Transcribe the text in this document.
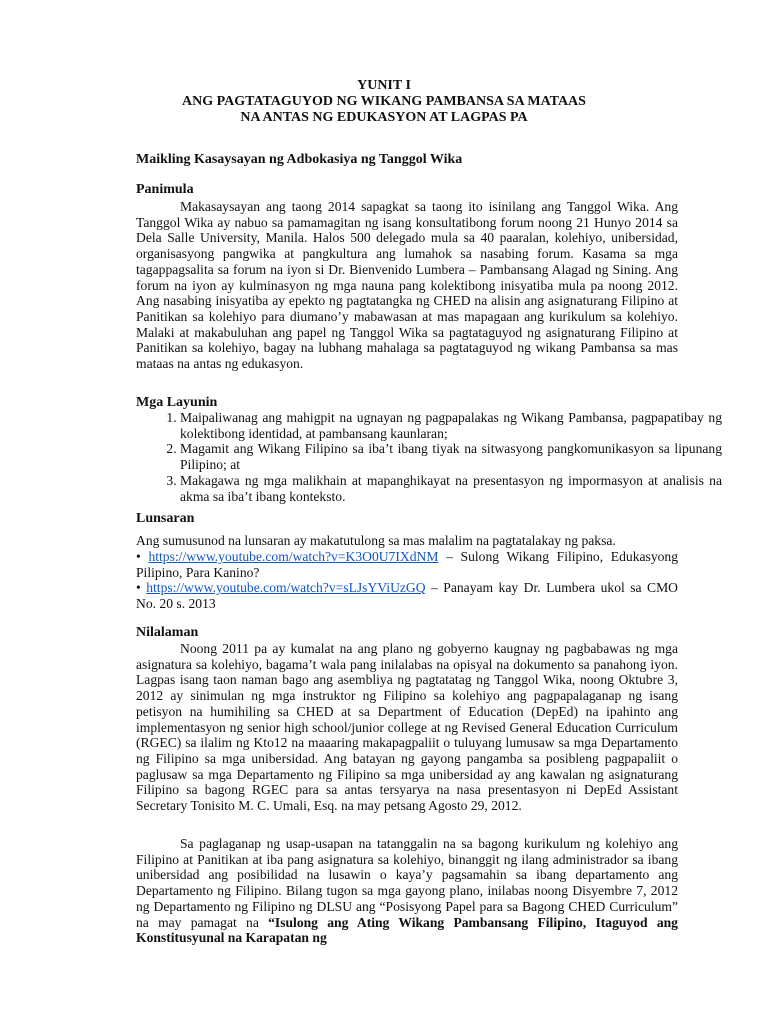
YUNIT I
ANG PAGTATAGUYOD NG WIKANG PAMBANSA SA MATAAS
NA ANTAS NG EDUKASYON AT LAGPAS PA
Maikling Kasaysayan ng Adbokasiya ng Tanggol Wika
Panimula
Makasaysayan ang taong 2014 sapagkat sa taong ito isinilang ang Tanggol Wika. Ang Tanggol Wika ay nabuo sa pamamagitan ng isang konsultatibong forum noong 21 Hunyo 2014 sa Dela Salle University, Manila. Halos 500 delegado mula sa 40 paaralan, kolehiyo, unibersidad, organisasyong pangwika at pangkultura ang lumahok sa nasabing forum. Kasama sa mga tagappagsalita sa forum na iyon si Dr. Bienvenido Lumbera – Pambansang Alagad ng Sining. Ang forum na iyon ay kulminasyon ng mga nauna pang kolektibong inisyatiba mula pa noong 2012. Ang nasabing inisyatiba ay epekto ng pagtatangka ng CHED na alisin ang asignaturang Filipino at Panitikan sa kolehiyo para diumano’y mabawasan at mas mapagaan ang kurikulum sa kolehiyo. Malaki at makabuluhan ang papel ng Tanggol Wika sa pagtataguyod ng asignaturang Filipino at Panitikan sa kolehiyo, bagay na lubhang mahalaga sa pagtataguyod ng wikang Pambansa sa mas mataas na antas ng edukasyon.
Mga Layunin
1. Maipaliwanag ang mahigpit na ugnayan ng pagpapalakas ng Wikang Pambansa, pagpapatibay ng kolektibong identidad, at pambansang kaunlaran;
2. Magamit ang Wikang Filipino sa iba’t ibang tiyak na sitwasyong pangkomunikasyon sa lipunang Pilipino; at
3. Makagawa ng mga malikhain at mapanghikayat na presentasyon ng impormasyon at analisis na akma sa iba’t ibang konteksto.
Lunsaran
Ang sumusunod na lunsaran ay makatutulong sa mas malalim na pagtatalakay ng paksa.
• https://www.youtube.com/watch?v=K3O0U7IXdNM – Sulong Wikang Filipino, Edukasyong Pilipino, Para Kanino?
• https://www.youtube.com/watch?v=sLJsYViUzGQ – Panayam kay Dr. Lumbera ukol sa CMO No. 20 s. 2013
Nilalaman
Noong 2011 pa ay kumalat na ang plano ng gobyerno kaugnay ng pagbabawas ng mga asignatura sa kolehiyo, bagama’t wala pang inilalabas na opisyal na dokumento sa panahong iyon. Lagpas isang taon naman bago ang asembliya ng pagtatatag ng Tanggol Wika, noong Oktubre 3, 2012 ay sinimulan ng mga instruktor ng Filipino sa kolehiyo ang pagpapalaganap ng isang petisyon na humihiling sa CHED at sa Department of Education (DepEd) na ipahinto ang implementasyon ng senior high school/junior college at ng Revised General Education Curriculum (RGEC) sa ilalim ng Kto12 na maaaring makapagpaliit o tuluyang lumusaw sa mga Departamento ng Filipino sa mga unibersidad. Ang batayan ng gayong pangamba sa posibleng pagpapaliit o paglusaw sa mga Departamento ng Filipino sa mga unibersidad ay ang kawalan ng asignaturang Filipino sa bagong RGEC para sa antas tersyarya na nasa presentasyon ni DepEd Assistant Secretary Tonisito M. C. Umali, Esq. na may petsang Agosto 29, 2012.
Sa paglaganap ng usap-usapan na tatanggalin na sa bagong kurikulum ng kolehiyo ang Filipino at Panitikan at iba pang asignatura sa kolehiyo, binanggit ng ilang administrador sa ibang unibersidad ang posibilidad na lusawin o kaya’y pagsamahin sa ibang departamento ang Departamento ng Filipino. Bilang tugon sa mga gayong plano, inilabas noong Disyembre 7, 2012 ng Departamento ng Filipino ng DLSU ang “Posisyong Papel para sa Bagong CHED Curriculum” na may pamagat na “Isulong ang Ating Wikang Pambansang Filipino, Itaguyod ang Konstitusyunal na Karapatan ng
